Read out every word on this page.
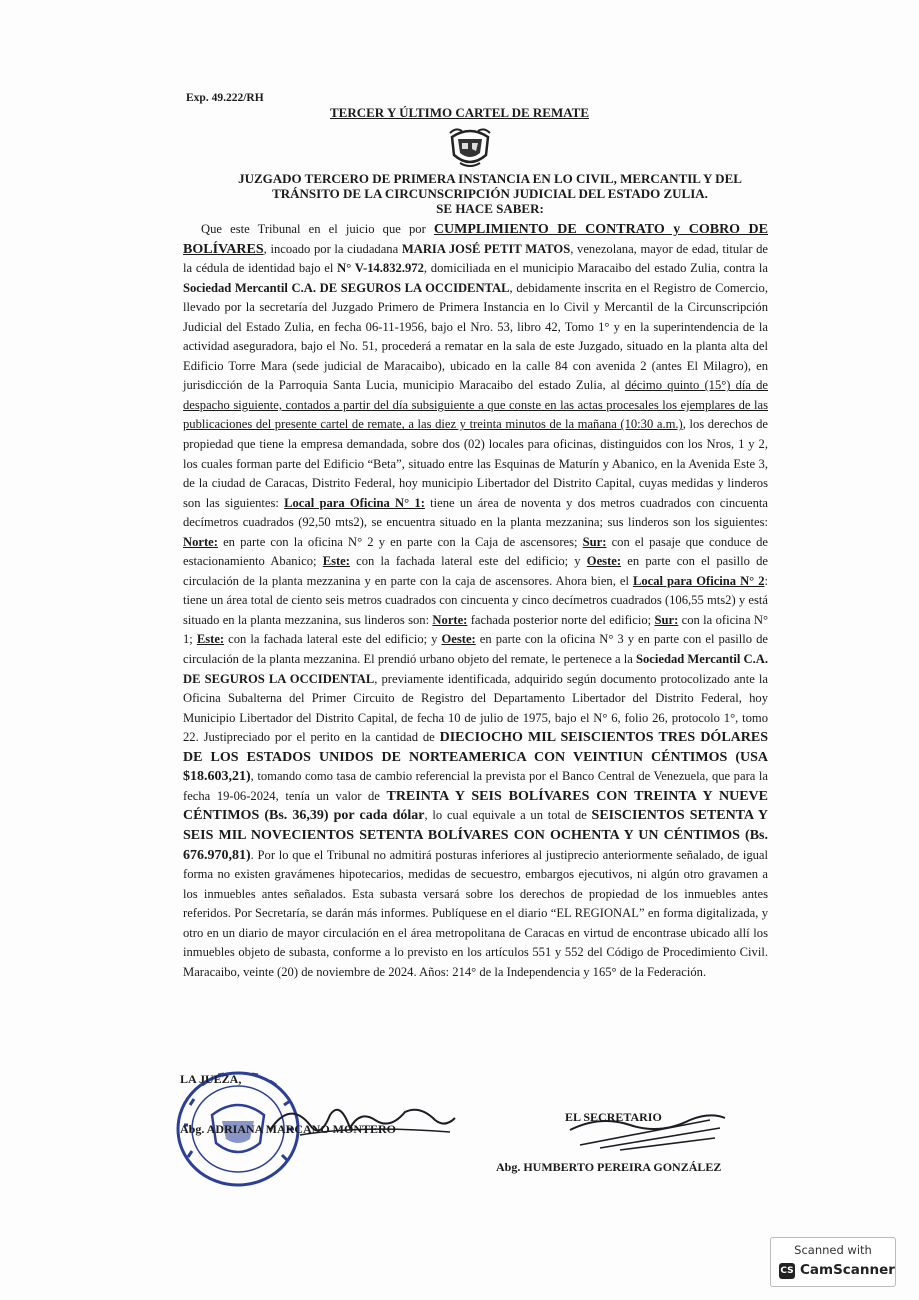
Exp. 49.222/RH
TERCER Y ÚLTIMO CARTEL DE REMATE
JUZGADO TERCERO DE PRIMERA INSTANCIA EN LO CIVIL, MERCANTIL Y DEL
TRÁNSITO DE LA CIRCUNSCRIPCIÓN JUDICIAL DEL ESTADO ZULIA.
SE HACE SABER:
Que este Tribunal en el juicio que por CUMPLIMIENTO DE CONTRATO y COBRO DE BOLÍVARES, incoado por la ciudadana MARIA JOSÉ PETIT MATOS, venezolana, mayor de edad, titular de la cédula de identidad bajo el N° V-14.832.972, domiciliada en el municipio Maracaibo del estado Zulia, contra la Sociedad Mercantil C.A. DE SEGUROS LA OCCIDENTAL, debidamente inscrita en el Registro de Comercio, llevado por la secretaría del Juzgado Primero de Primera Instancia en lo Civil y Mercantil de la Circunscripción Judicial del Estado Zulia, en fecha 06-11-1956, bajo el Nro. 53, libro 42, Tomo 1° y en la superintendencia de la actividad aseguradora, bajo el No. 51, procederá a rematar en la sala de este Juzgado, situado en la planta alta del Edificio Torre Mara (sede judicial de Maracaibo), ubicado en la calle 84 con avenida 2 (antes El Milagro), en jurisdicción de la Parroquia Santa Lucia, municipio Maracaibo del estado Zulia, al décimo quinto (15°) día de despacho siguiente, contados a partir del día subsiguiente a que conste en las actas procesales los ejemplares de las publicaciones del presente cartel de remate, a las diez y treinta minutos de la mañana (10:30 a.m.), los derechos de propiedad que tiene la empresa demandada, sobre dos (02) locales para oficinas, distinguidos con los Nros, 1 y 2, los cuales forman parte del Edificio “Beta”, situado entre las Esquinas de Maturín y Abanico, en la Avenida Este 3, de la ciudad de Caracas, Distrito Federal, hoy municipio Libertador del Distrito Capital, cuyas medidas y linderos son las siguientes: Local para Oficina N° 1: tiene un área de noventa y dos metros cuadrados con cincuenta decímetros cuadrados (92,50 mts2), se encuentra situado en la planta mezzanina; sus linderos son los siguientes: Norte: en parte con la oficina N° 2 y en parte con la Caja de ascensores; Sur: con el pasaje que conduce de estacionamiento Abanico; Este: con la fachada lateral este del edificio; y Oeste: en parte con el pasillo de circulación de la planta mezzanina y en parte con la caja de ascensores. Ahora bien, el Local para Oficina N° 2: tiene un área total de ciento seis metros cuadrados con cincuenta y cinco decímetros cuadrados (106,55 mts2) y está situado en la planta mezzanina, sus linderos son: Norte: fachada posterior norte del edificio; Sur: con la oficina N° 1; Este: con la fachada lateral este del edificio; y Oeste: en parte con la oficina N° 3 y en parte con el pasillo de circulación de la planta mezzanina. El prendió urbano objeto del remate, le pertenece a la Sociedad Mercantil C.A. DE SEGUROS LA OCCIDENTAL, previamente identificada, adquirido según documento protocolizado ante la Oficina Subalterna del Primer Circuito de Registro del Departamento Libertador del Distrito Federal, hoy Municipio Libertador del Distrito Capital, de fecha 10 de julio de 1975, bajo el N° 6, folio 26, protocolo 1°, tomo 22. Justipreciado por el perito en la cantidad de DIECIOCHO MIL SEISCIENTOS TRES DÓLARES DE LOS ESTADOS UNIDOS DE NORTEAMERICA CON VEINTIUN CÉNTIMOS (USA $18.603,21), tomando como tasa de cambio referencial la prevista por el Banco Central de Venezuela, que para la fecha 19-06-2024, tenía un valor de TREINTA Y SEIS BOLÍVARES CON TREINTA Y NUEVE CÉNTIMOS (Bs. 36,39) por cada dólar, lo cual equivale a un total de SEISCIENTOS SETENTA Y SEIS MIL NOVECIENTOS SETENTA BOLÍVARES CON OCHENTA Y UN CÉNTIMOS (Bs. 676.970,81). Por lo que el Tribunal no admitirá posturas inferiores al justiprecio anteriormente señalado, de igual forma no existen gravámenes hipotecarios, medidas de secuestro, embargos ejecutivos, ni algún otro gravamen a los inmuebles antes señalados. Esta subasta versará sobre los derechos de propiedad de los inmuebles antes referidos. Por Secretaría, se darán más informes. Publíquese en el diario “EL REGIONAL” en forma digitalizada, y otro en un diario de mayor circulación en el área metropolitana de Caracas en virtud de encontrase ubicado allí los inmuebles objeto de subasta, conforme a lo previsto en los artículos 551 y 552 del Código de Procedimiento Civil. Maracaibo, veinte (20) de noviembre de 2024. Años: 214° de la Independencia y 165° de la Federación.
LA JUEZA,
Abg. ADRIANA MARCANO MONTERO
EL SECRETARIO
Abg. HUMBERTO PEREIRA GONZÁLEZ
Scanned with
CS CamScanner
